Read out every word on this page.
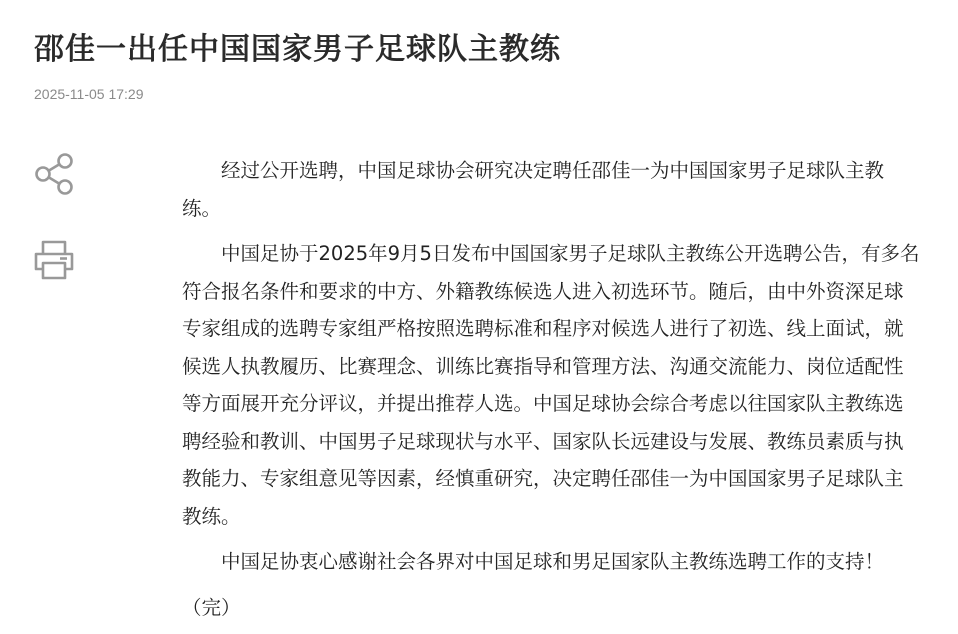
邵佳一出任中国国家男子足球队主教练
2025-11-05 17:29

经过公开选聘，中国足球协会研究决定聘任邵佳一为中国国家男子足球队主教练。

中国足协于2025年9月5日发布中国国家男子足球队主教练公开选聘公告，有多名符合报名条件和要求的中方、外籍教练候选人进入初选环节。随后，由中外资深足球专家组成的选聘专家组严格按照选聘标准和程序对候选人进行了初选、线上面试，就候选人执教履历、比赛理念、训练比赛指导和管理方法、沟通交流能力、岗位适配性等方面展开充分评议，并提出推荐人选。中国足球协会综合考虑以往国家队主教练选聘经验和教训、中国男子足球现状与水平、国家队长远建设与发展、教练员素质与执教能力、专家组意见等因素，经慎重研究，决定聘任邵佳一为中国国家男子足球队主教练。

中国足协衷心感谢社会各界对中国足球和男足国家队主教练选聘工作的支持！

（完）
